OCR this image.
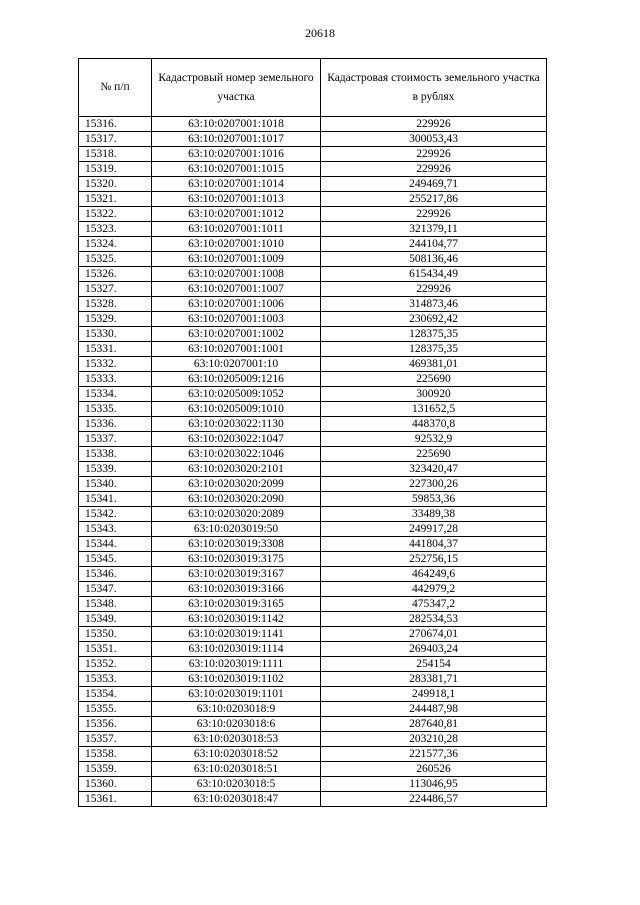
20618
№ п/п	Кадастровый номер земельного участка	Кадастровая стоимость земельного участка в рублях
15316.	63:10:0207001:1018	229926
15317.	63:10:0207001:1017	300053,43
15318.	63:10:0207001:1016	229926
15319.	63:10:0207001:1015	229926
15320.	63:10:0207001:1014	249469,71
15321.	63:10:0207001:1013	255217,86
15322.	63:10:0207001:1012	229926
15323.	63:10:0207001:1011	321379,11
15324.	63:10:0207001:1010	244104,77
15325.	63:10:0207001:1009	508136,46
15326.	63:10:0207001:1008	615434,49
15327.	63:10:0207001:1007	229926
15328.	63:10:0207001:1006	314873,46
15329.	63:10:0207001:1003	230692,42
15330.	63:10:0207001:1002	128375,35
15331.	63:10:0207001:1001	128375,35
15332.	63:10:0207001:10	469381,01
15333.	63:10:0205009:1216	225690
15334.	63:10:0205009:1052	300920
15335.	63:10:0205009:1010	131652,5
15336.	63:10:0203022:1130	448370,8
15337.	63:10:0203022:1047	92532,9
15338.	63:10:0203022:1046	225690
15339.	63:10:0203020:2101	323420,47
15340.	63:10:0203020:2099	227300,26
15341.	63:10:0203020:2090	59853,36
15342.	63:10:0203020:2089	33489,38
15343.	63:10:0203019:50	249917,28
15344.	63:10:0203019:3308	441804,37
15345.	63:10:0203019:3175	252756,15
15346.	63:10:0203019:3167	464249,6
15347.	63:10:0203019:3166	442979,2
15348.	63:10:0203019:3165	475347,2
15349.	63:10:0203019:1142	282534,53
15350.	63:10:0203019:1141	270674,01
15351.	63:10:0203019:1114	269403,24
15352.	63:10:0203019:1111	254154
15353.	63:10:0203019:1102	283381,71
15354.	63:10:0203019:1101	249918,1
15355.	63:10:0203018:9	244487,98
15356.	63:10:0203018:6	287640,81
15357.	63:10:0203018:53	203210,28
15358.	63:10:0203018:52	221577,36
15359.	63:10:0203018:51	260526
15360.	63:10:0203018:5	113046,95
15361.	63:10:0203018:47	224486,57
